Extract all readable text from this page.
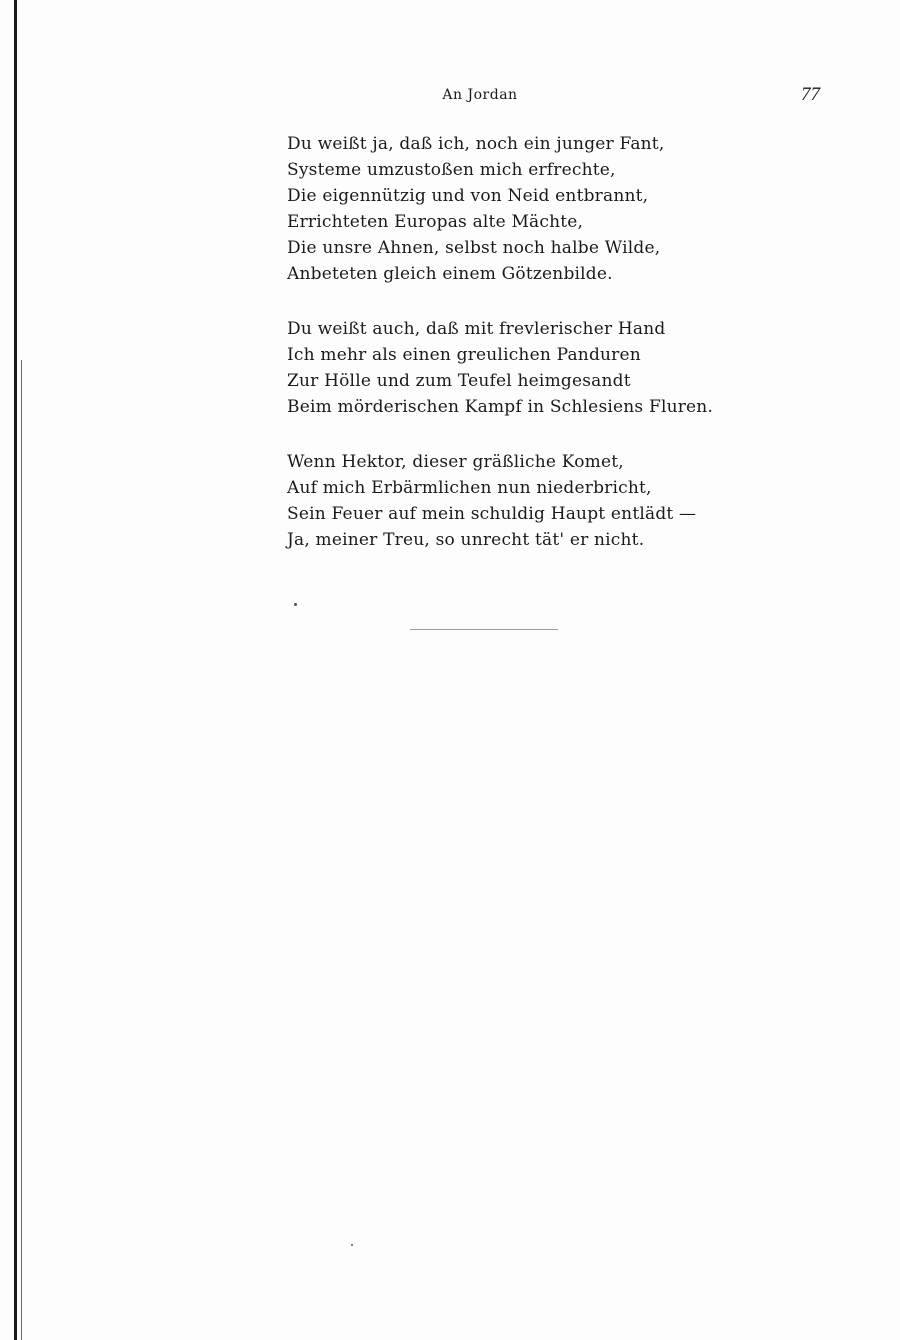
An Jordan	77
Du weißt ja, daß ich, noch ein junger Fant,
Systeme umzustoßen mich erfrechte,
Die eigennützig und von Neid entbrannt,
Errichteten Europas alte Mächte,
Die unsre Ahnen, selbst noch halbe Wilde,
Anbeteten gleich einem Götzenbilde.
Du weißt auch, daß mit frevlerischer Hand
Ich mehr als einen greulichen Panduren
Zur Hölle und zum Teufel heimgesandt
Beim mörderischen Kampf in Schlesiens Fluren.
Wenn Hektor, dieser gräßliche Komet,
Auf mich Erbärmlichen nun niederbricht,
Sein Feuer auf mein schuldig Haupt entlädt —
Ja, meiner Treu, so unrecht tät' er nicht.
